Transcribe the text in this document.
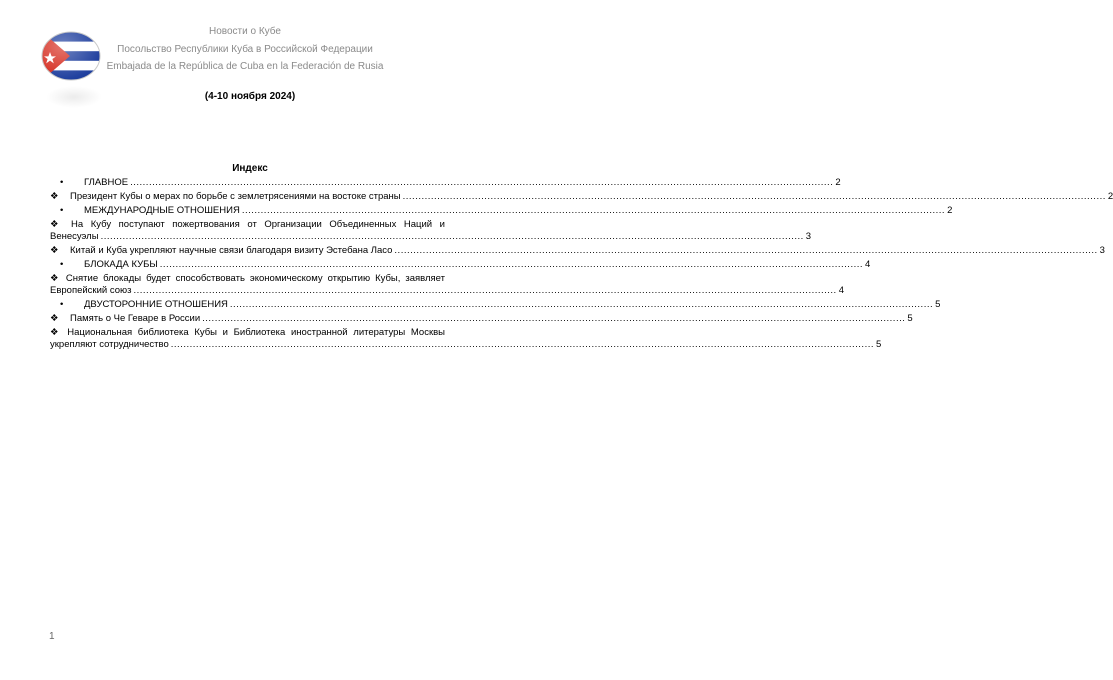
Новости о Кубе
Посольство Республики Куба в Российской Федерации
Embajada de la República de Cuba en la Federación de Rusia
(4-10 ноября 2024)
Индекс
•	ГЛАВНОЕ .....	2
❖	Президент Кубы о мерах по борьбе с землетрясениями на востоке страны .....	2
•	МЕЖДУНАРОДНЫЕ ОТНОШЕНИЯ .....	2
❖ На Кубу поступают пожертвования от Организации Объединенных Наций и
Венесуэлы .....	3
❖	Китай и Куба укрепляют научные связи благодаря визиту Эстебана Ласо .....	3
•	БЛОКАДА КУБЫ .....	4
❖ Снятие блокады будет способствовать экономическому открытию Кубы, заявляет
Европейский союз .....	4
•	ДВУСТОРОННИЕ ОТНОШЕНИЯ .....	5
❖	Память о Че Геваре в России .....	5
❖ Национальная библиотека Кубы и Библиотека иностранной литературы Москвы
укрепляют сотрудничество .....	5
1
